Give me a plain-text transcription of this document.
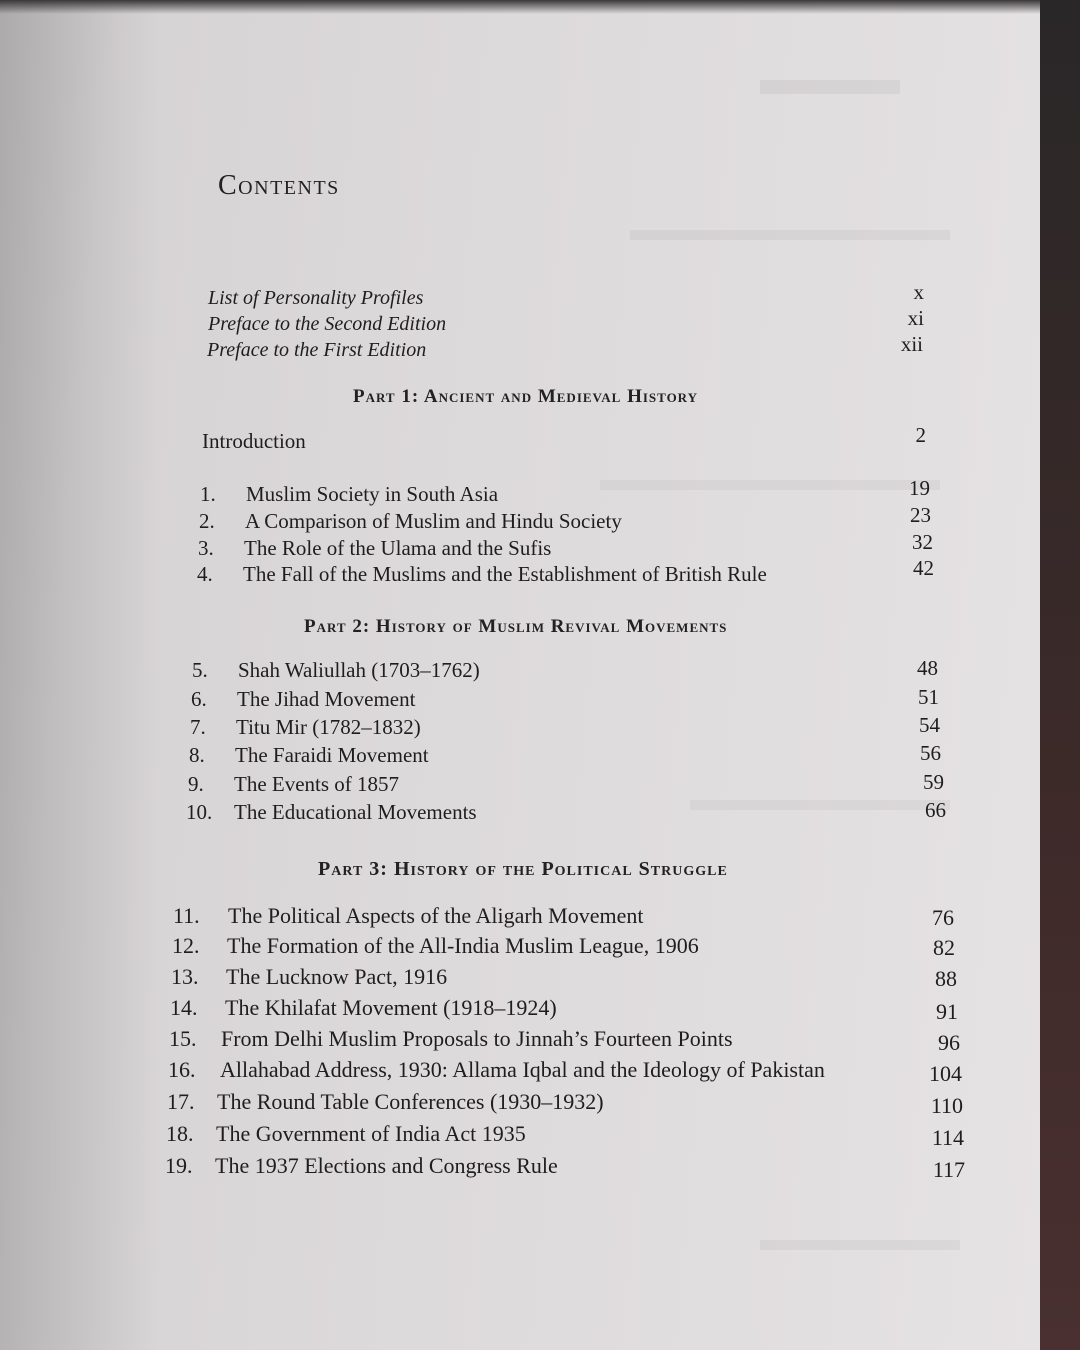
Contents
List of Personality Profiles	x
Preface to the Second Edition	xi
Preface to the First Edition	xii
Part 1: Ancient and Medieval History
Introduction	2
1. Muslim Society in South Asia	19
2. A Comparison of Muslim and Hindu Society	23
3. The Role of the Ulama and the Sufis	32
4. The Fall of the Muslims and the Establishment of British Rule	42
Part 2: History of Muslim Revival Movements
5. Shah Waliullah (1703–1762)	48
6. The Jihad Movement	51
7. Titu Mir (1782–1832)	54
8. The Faraidi Movement	56
9. The Events of 1857	59
10. The Educational Movements	66
Part 3: History of the Political Struggle
11. The Political Aspects of the Aligarh Movement	76
12. The Formation of the All-India Muslim League, 1906	82
13. The Lucknow Pact, 1916	88
14. The Khilafat Movement (1918–1924)	91
15. From Delhi Muslim Proposals to Jinnah’s Fourteen Points	96
16. Allahabad Address, 1930: Allama Iqbal and the Ideology of Pakistan	104
17. The Round Table Conferences (1930–1932)	110
18. The Government of India Act 1935	114
19. The 1937 Elections and Congress Rule	117
